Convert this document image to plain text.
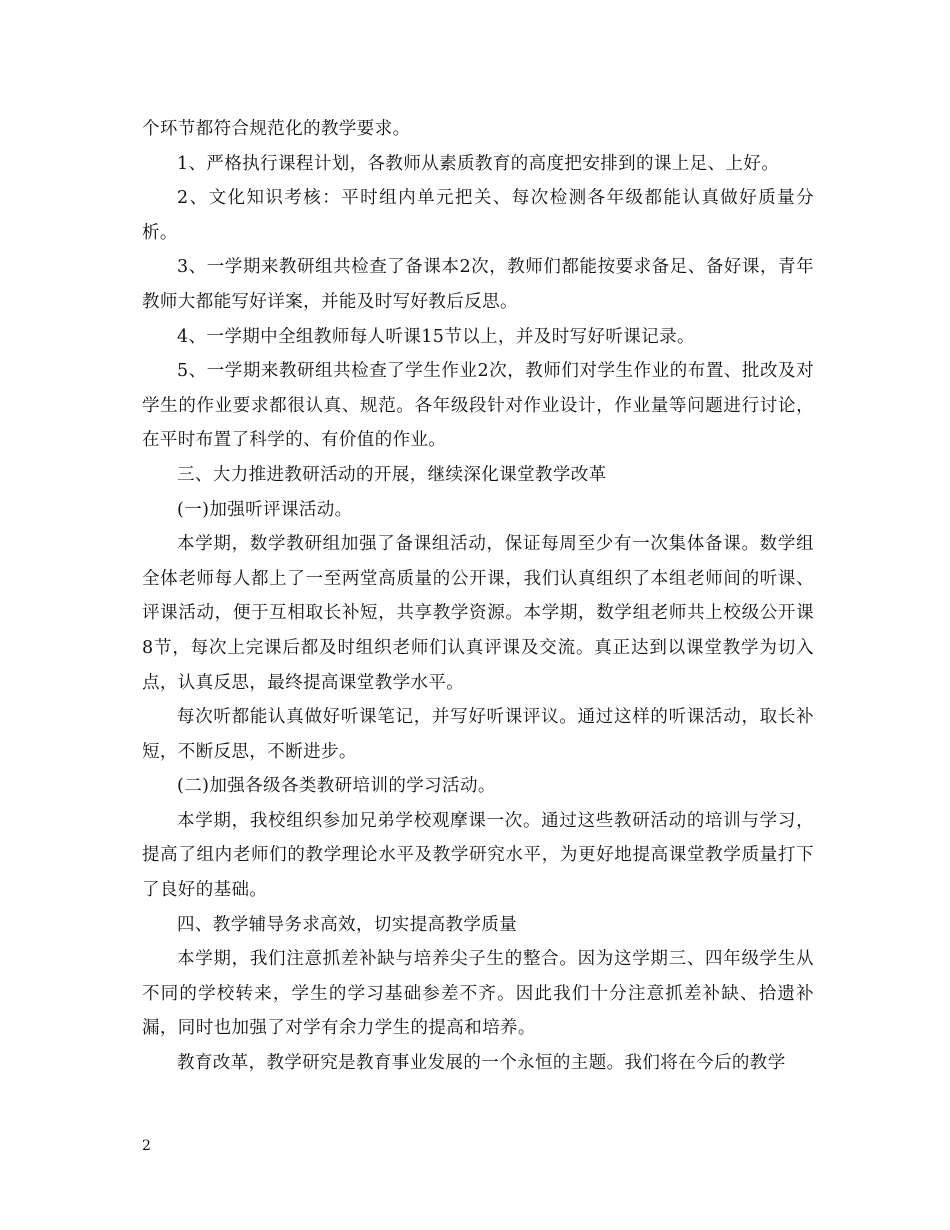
个环节都符合规范化的教学要求。

1、严格执行课程计划，各教师从素质教育的高度把安排到的课上足、上好。

2、文化知识考核：平时组内单元把关、每次检测各年级都能认真做好质量分析。

3、一学期来教研组共检查了备课本2次，教师们都能按要求备足、备好课，青年教师大都能写好详案，并能及时写好教后反思。

4、一学期中全组教师每人听课15节以上，并及时写好听课记录。

5、一学期来教研组共检查了学生作业2次，教师们对学生作业的布置、批改及对学生的作业要求都很认真、规范。各年级段针对作业设计，作业量等问题进行讨论，在平时布置了科学的、有价值的作业。

三、大力推进教研活动的开展，继续深化课堂教学改革

(一)加强听评课活动。

本学期，数学教研组加强了备课组活动，保证每周至少有一次集体备课。数学组全体老师每人都上了一至两堂高质量的公开课，我们认真组织了本组老师间的听课、评课活动，便于互相取长补短，共享教学资源。本学期，数学组老师共上校级公开课8节，每次上完课后都及时组织老师们认真评课及交流。真正达到以课堂教学为切入点，认真反思，最终提高课堂教学水平。

每次听都能认真做好听课笔记，并写好听课评议。通过这样的听课活动，取长补短，不断反思，不断进步。

(二)加强各级各类教研培训的学习活动。

本学期，我校组织参加兄弟学校观摩课一次。通过这些教研活动的培训与学习，提高了组内老师们的教学理论水平及教学研究水平，为更好地提高课堂教学质量打下了良好的基础。

四、教学辅导务求高效，切实提高教学质量

本学期，我们注意抓差补缺与培养尖子生的整合。因为这学期三、四年级学生从不同的学校转来，学生的学习基础参差不齐。因此我们十分注意抓差补缺、拾遗补漏，同时也加强了对学有余力学生的提高和培养。

教育改革，教学研究是教育事业发展的一个永恒的主题。我们将在今后的教学

2
